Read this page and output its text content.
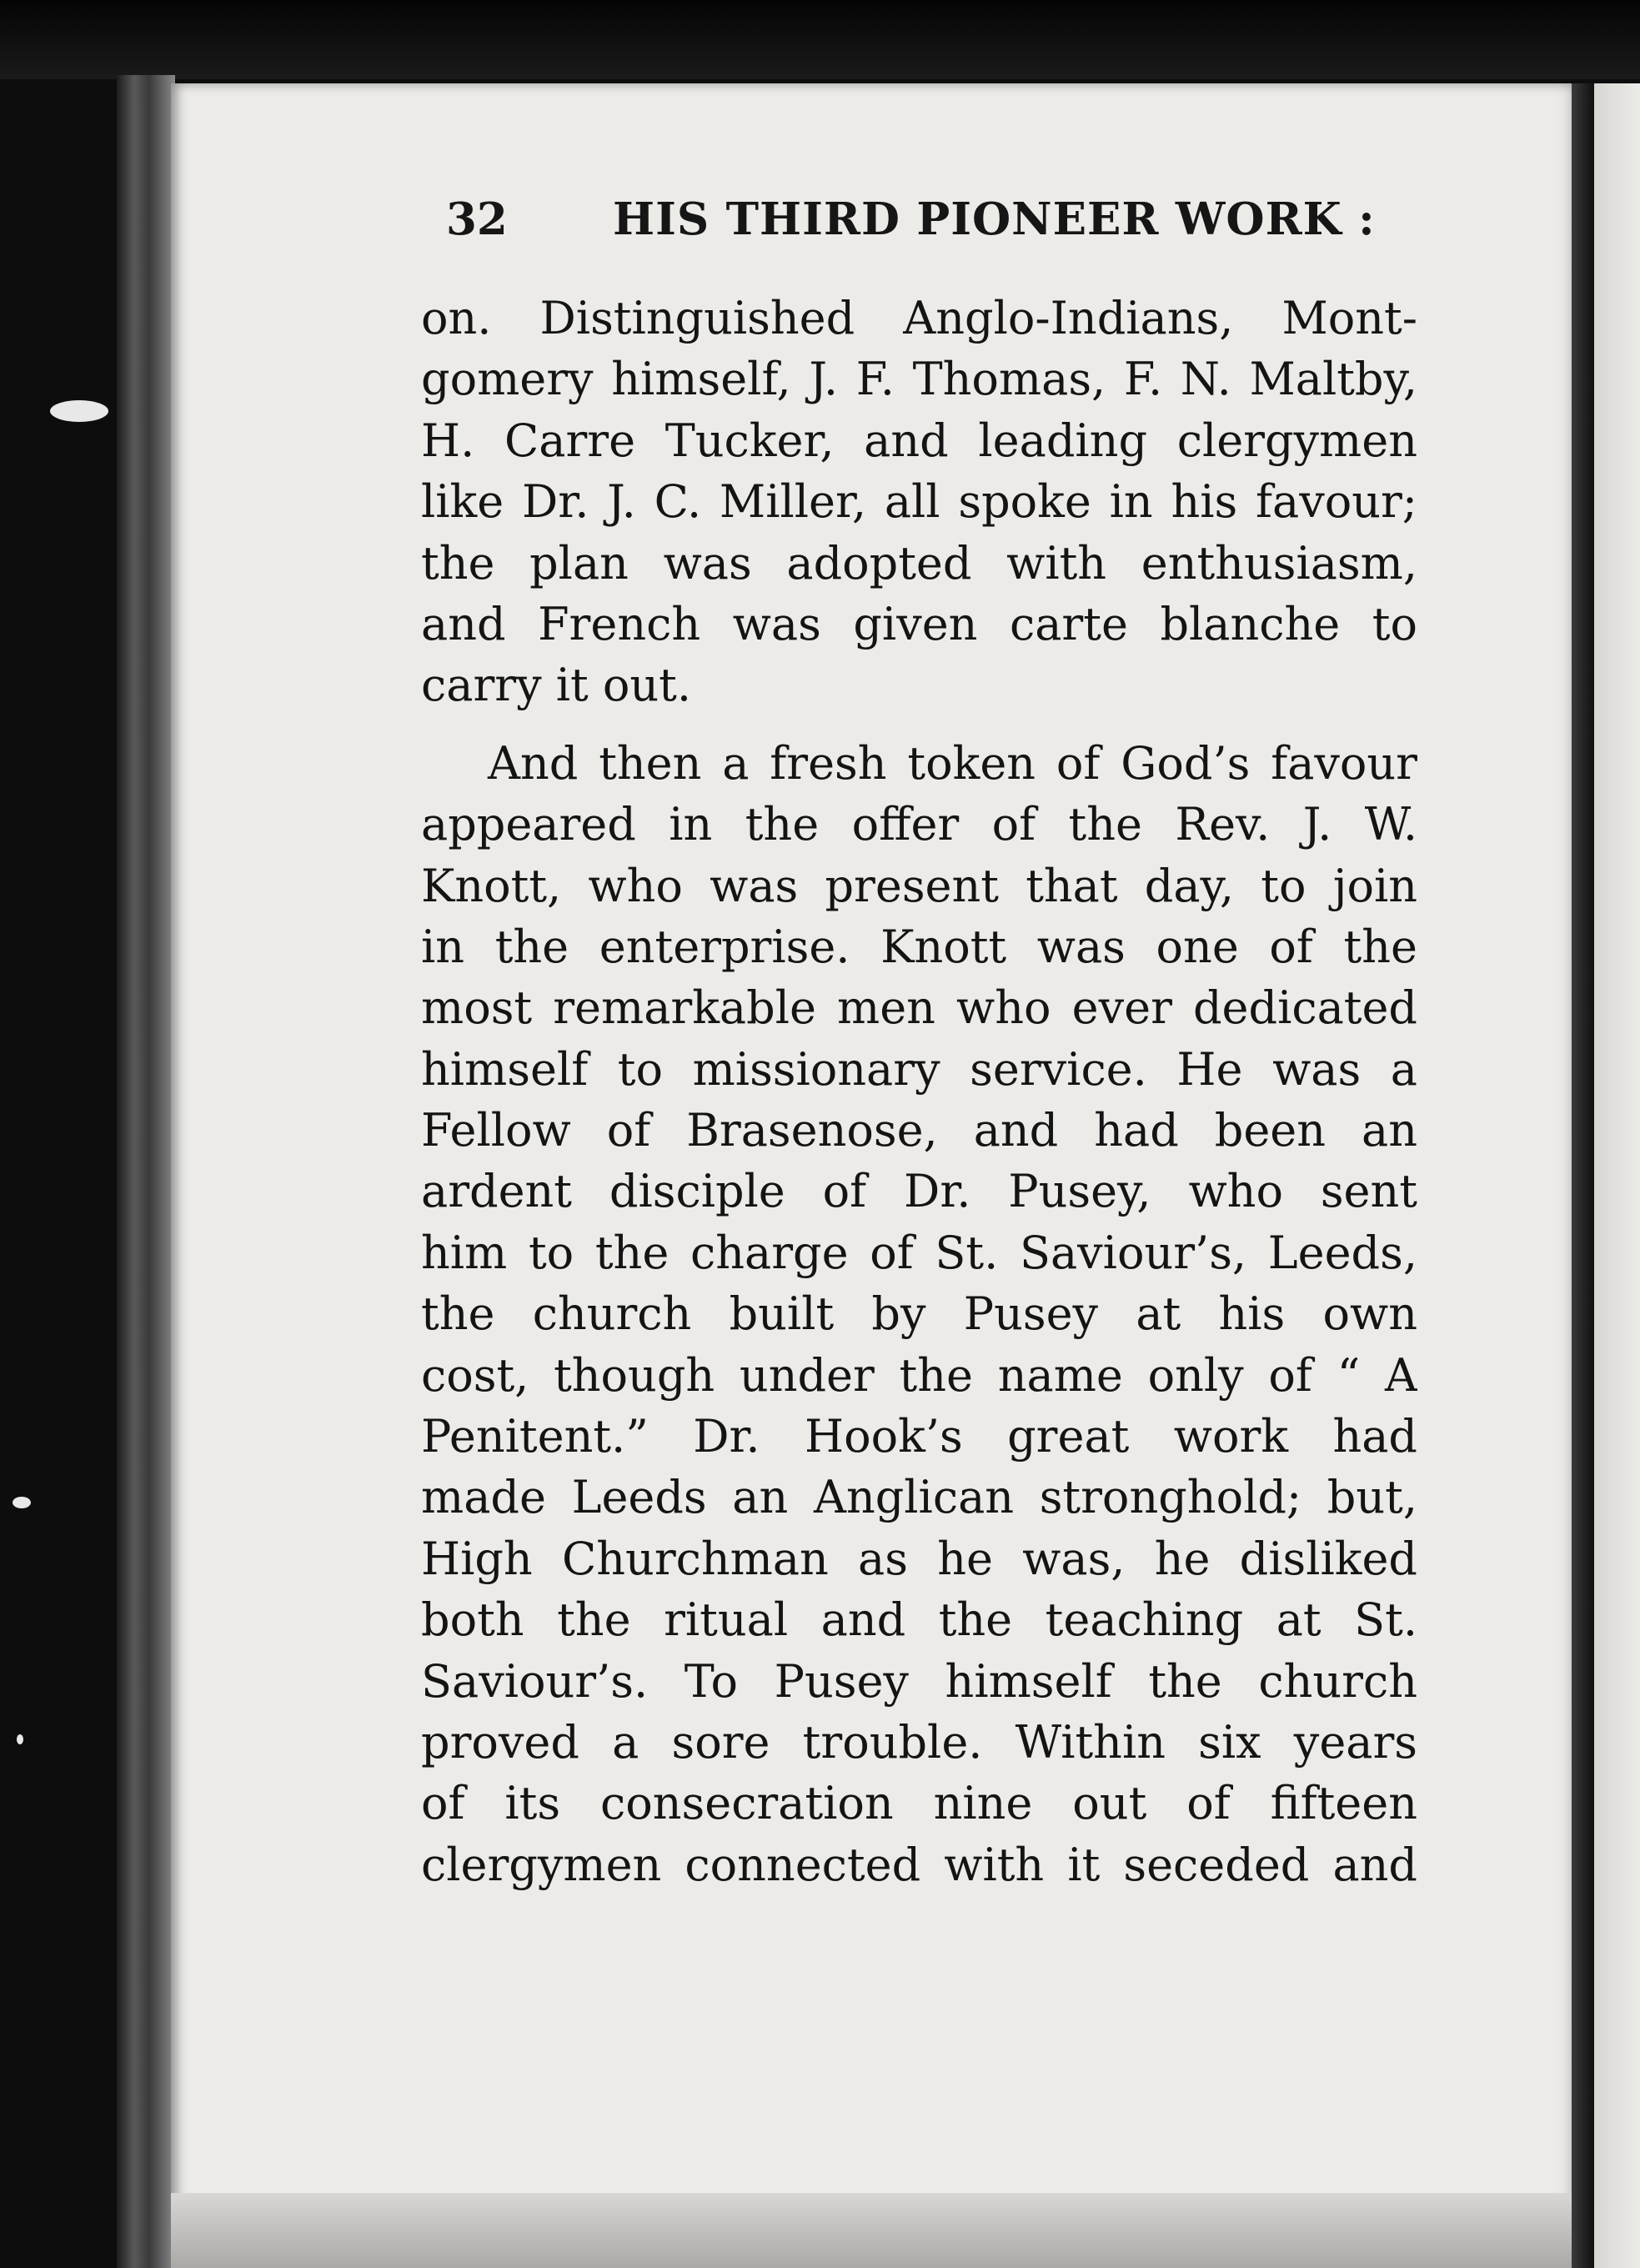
32 HIS THIRD PIONEER WORK :
on. Distinguished Anglo-Indians, Mont-
gomery himself, J. F. Thomas, F. N. Maltby,
H. Carre Tucker, and leading clergymen
like Dr. J. C. Miller, all spoke in his favour;
the plan was adopted with enthusiasm,
and French was given carte blanche to
carry it out.
And then a fresh token of God’s favour
appeared in the offer of the Rev. J. W.
Knott, who was present that day, to join
in the enterprise. Knott was one of the
most remarkable men who ever dedicated
himself to missionary service. He was a
Fellow of Brasenose, and had been an
ardent disciple of Dr. Pusey, who sent
him to the charge of St. Saviour’s, Leeds,
the church built by Pusey at his own
cost, though under the name only of “ A
Penitent.” Dr. Hook’s great work had
made Leeds an Anglican stronghold; but,
High Churchman as he was, he disliked
both the ritual and the teaching at St.
Saviour’s. To Pusey himself the church
proved a sore trouble. Within six years
of its consecration nine out of fifteen
clergymen connected with it seceded and
